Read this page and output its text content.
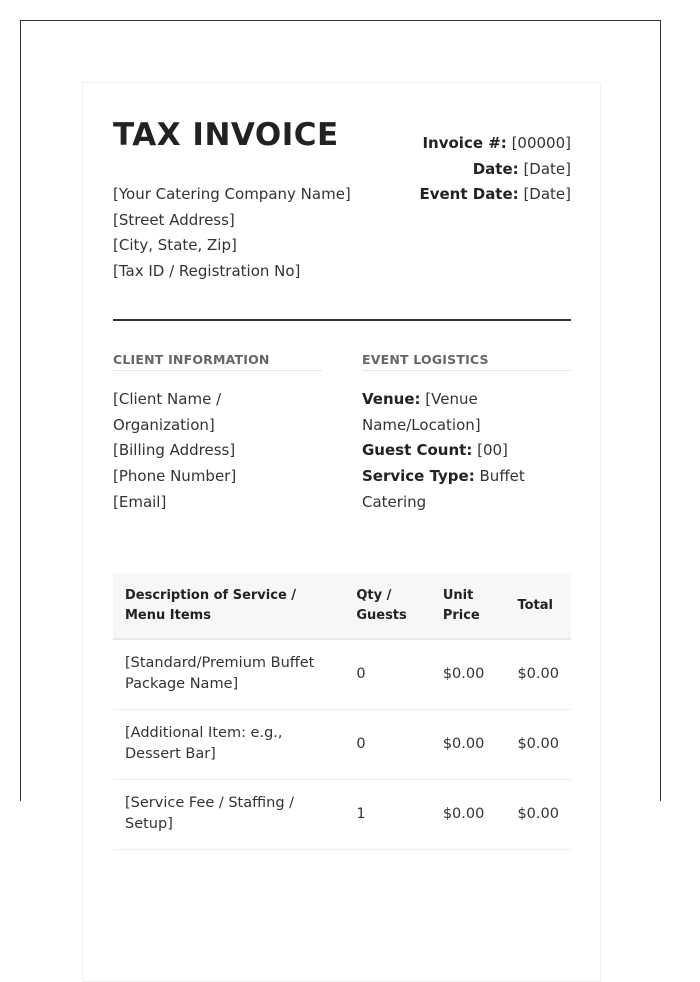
TAX INVOICE
[Your Catering Company Name]
[Street Address]
[City, State, Zip]
[Tax ID / Registration No]
Invoice #: [00000]
Date: [Date]
Event Date: [Date]
CLIENT INFORMATION
[Client Name / Organization]
[Billing Address]
[Phone Number]
[Email]
EVENT LOGISTICS
Venue: [Venue Name/Location]
Guest Count: [00]
Service Type: Buffet Catering
Description of Service / Menu Items	Qty / Guests	Unit Price	Total
[Standard/Premium Buffet Package Name]	0	$0.00	$0.00
[Additional Item: e.g., Dessert Bar]	0	$0.00	$0.00
[Service Fee / Staffing / Setup]	1	$0.00	$0.00
